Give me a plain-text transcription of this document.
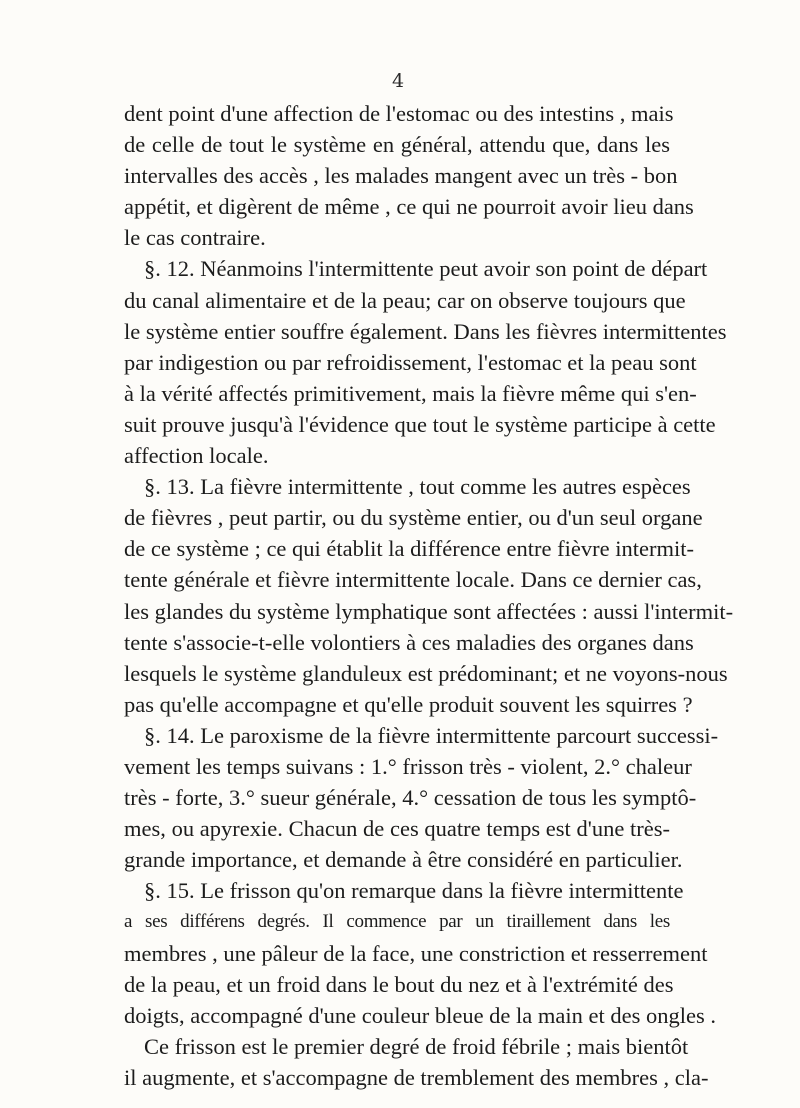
4
dent point d'une affection de l'estomac ou des intestins , mais
de celle de tout le système en général, attendu que, dans les
intervalles des accès , les malades mangent avec un très - bon
appétit, et digèrent de même , ce qui ne pourroit avoir lieu dans
le cas contraire.
§. 12. Néanmoins l'intermittente peut avoir son point de départ
du canal alimentaire et de la peau; car on observe toujours que
le système entier souffre également. Dans les fièvres intermittentes
par indigestion ou par refroidissement, l'estomac et la peau sont
à la vérité affectés primitivement, mais la fièvre même qui s'en-
suit prouve jusqu'à l'évidence que tout le système participe à cette
affection locale.
§. 13. La fièvre intermittente , tout comme les autres espèces
de fièvres , peut partir, ou du système entier, ou d'un seul organe
de ce système ; ce qui établit la différence entre fièvre intermit-
tente générale et fièvre intermittente locale. Dans ce dernier cas,
les glandes du système lymphatique sont affectées : aussi l'intermit-
tente s'associe-t-elle volontiers à ces maladies des organes dans
lesquels le système glanduleux est prédominant; et ne voyons-nous
pas qu'elle accompagne et qu'elle produit souvent les squirres ?
§. 14. Le paroxisme de la fièvre intermittente parcourt successi-
vement les temps suivans : 1.° frisson très - violent, 2.° chaleur
très - forte, 3.° sueur générale, 4.° cessation de tous les symptô-
mes, ou apyrexie. Chacun de ces quatre temps est d'une très-
grande importance, et demande à être considéré en particulier.
§. 15. Le frisson qu'on remarque dans la fièvre intermittente
a ses différens degrés. Il commence par un tiraillement dans les
membres , une pâleur de la face, une constriction et resserrement
de la peau, et un froid dans le bout du nez et à l'extrémité des
doigts, accompagné d'une couleur bleue de la main et des ongles .
Ce frisson est le premier degré de froid fébrile ; mais bientôt
il augmente, et s'accompagne de tremblement des membres , cla-
